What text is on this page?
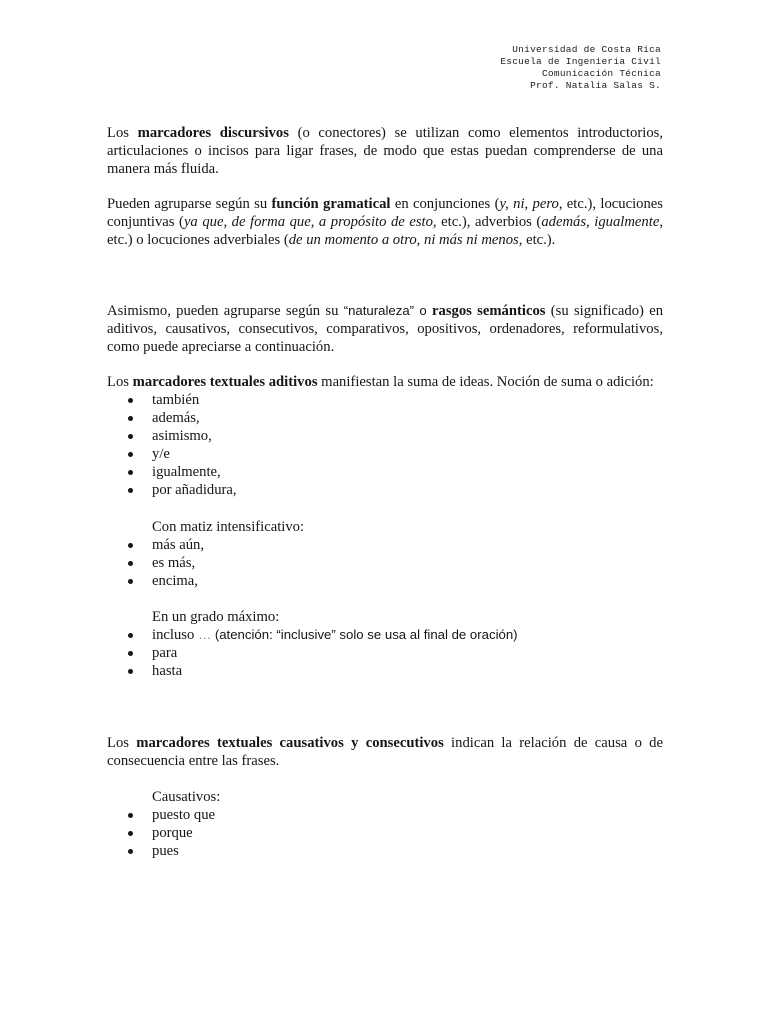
Universidad de Costa Rica
Escuela de Ingeniería Civil
Comunicación Técnica
Prof. Natalia Salas S.

Los marcadores discursivos (o conectores) se utilizan como elementos introductorios, articulaciones o incisos para ligar frases, de modo que estas puedan comprenderse de una manera más fluida.

Pueden agruparse según su función gramatical en conjunciones (y, ni, pero, etc.), locuciones conjuntivas (ya que, de forma que, a propósito de esto, etc.), adverbios (además, igualmente, etc.) o locuciones adverbiales (de un momento a otro, ni más ni menos, etc.).

Asimismo, pueden agruparse según su “naturaleza” o rasgos semánticos (su significado) en aditivos, causativos, consecutivos, comparativos, opositivos, ordenadores, reformulativos, como puede apreciarse a continuación.

Los marcadores textuales aditivos manifiestan la suma de ideas. Noción de suma o adición:

también
además,
asimismo,
y/e
igualmente,
por añadidura,

Con matiz intensificativo:

más aún,
es más,
encima,

En un grado máximo:

incluso … (atención: “inclusive” solo se usa al final de oración)
para
hasta

Los marcadores textuales causativos y consecutivos indican la relación de causa o de consecuencia entre las frases.

Causativos:

puesto que
porque
pues
